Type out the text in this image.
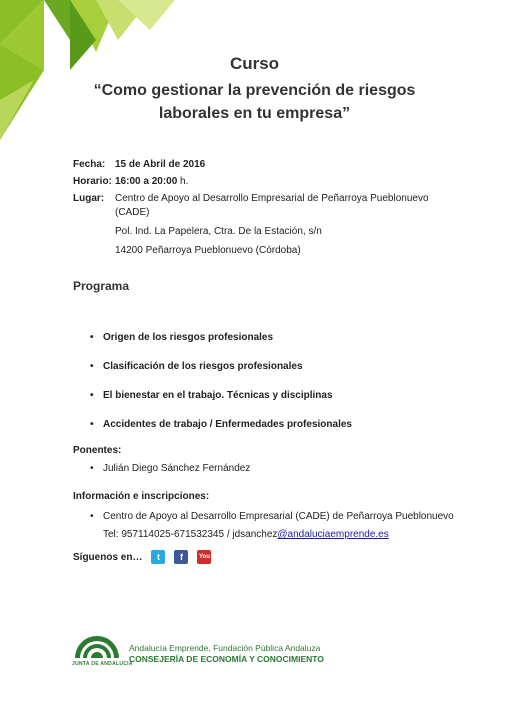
Curso

“Como gestionar la prevención de riesgos
laborales en tu empresa”

Fecha: 15 de Abril de 2016
Horario: 16:00 a 20:00 h.
Lugar:	Centro de Apoyo al Desarrollo Empresarial de Peñarroya Pueblonuevo (CADE)
Pol. Ind. La Papelera, Ctra. De la Estación, s/n
14200 Peñarroya Pueblonuevo (Córdoba)
Programa
• Origen de los riesgos profesionales
• Clasificación de los riesgos profesionales
• El bienestar en el trabajo. Técnicas y disciplinas
• Accidentes de trabajo / Enfermedades profesionales
Ponentes:
• Julián Diego Sánchez Fernández
Información e inscripciones:
• Centro de Apoyo al Desarrollo Empresarial (CADE) de Peñarroya Pueblonuevo
Tel: 957114025-671532345 / jdsanchez@andaluciaemprende.es
Síguenos en…	t	f	You
JUNTA DE ANDALUCIA
Andalucía Emprende, Fundación Pública Andaluza
CONSEJERÍA DE ECONOMÍA Y CONOCIMIENTO
